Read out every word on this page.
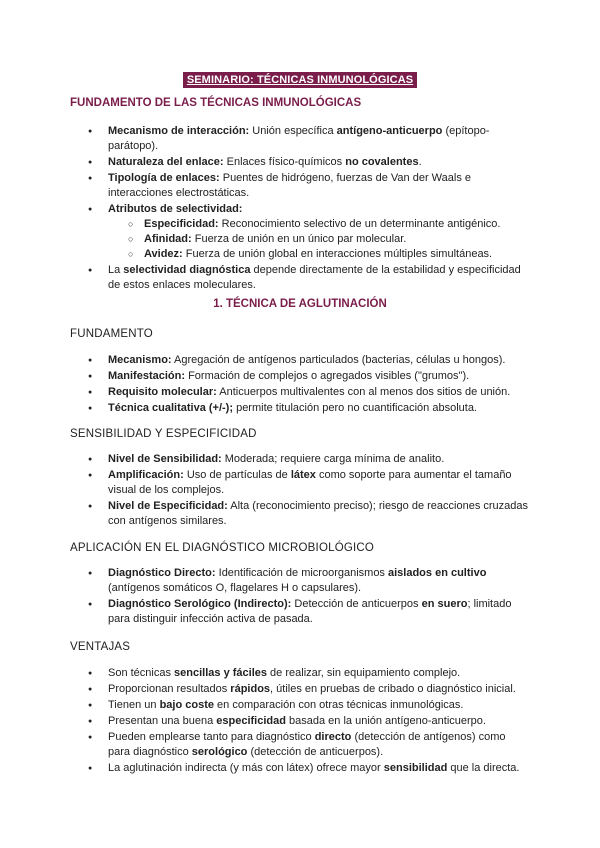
SEMINARIO: TÉCNICAS INMUNOLÓGICAS
FUNDAMENTO DE LAS TÉCNICAS INMUNOLÓGICAS
● Mecanismo de interacción: Unión específica antígeno-anticuerpo (epítopo-parátopo).
● Naturaleza del enlace: Enlaces físico-químicos no covalentes.
● Tipología de enlaces: Puentes de hidrógeno, fuerzas de Van der Waals e interacciones electrostáticas.
● Atributos de selectividad:
○ Especificidad: Reconocimiento selectivo de un determinante antigénico.
○ Afinidad: Fuerza de unión en un único par molecular.
○ Avidez: Fuerza de unión global en interacciones múltiples simultáneas.
● La selectividad diagnóstica depende directamente de la estabilidad y especificidad de estos enlaces moleculares.
1. TÉCNICA DE AGLUTINACIÓN
FUNDAMENTO
● Mecanismo: Agregación de antígenos particulados (bacterias, células u hongos).
● Manifestación: Formación de complejos o agregados visibles ("grumos").
● Requisito molecular: Anticuerpos multivalentes con al menos dos sitios de unión.
● Técnica cualitativa (+/-); permite titulación pero no cuantificación absoluta.
SENSIBILIDAD Y ESPECIFICIDAD
● Nivel de Sensibilidad: Moderada; requiere carga mínima de analito.
● Amplificación: Uso de partículas de látex como soporte para aumentar el tamaño visual de los complejos.
● Nivel de Especificidad: Alta (reconocimiento preciso); riesgo de reacciones cruzadas con antígenos similares.
APLICACIÓN EN EL DIAGNÓSTICO MICROBIOLÓGICO
● Diagnóstico Directo: Identificación de microorganismos aislados en cultivo (antígenos somáticos O, flagelares H o capsulares).
● Diagnóstico Serológico (Indirecto): Detección de anticuerpos en suero; limitado para distinguir infección activa de pasada.
VENTAJAS
● Son técnicas sencillas y fáciles de realizar, sin equipamiento complejo.
● Proporcionan resultados rápidos, útiles en pruebas de cribado o diagnóstico inicial.
● Tienen un bajo coste en comparación con otras técnicas inmunológicas.
● Presentan una buena especificidad basada en la unión antígeno-anticuerpo.
● Pueden emplearse tanto para diagnóstico directo (detección de antígenos) como para diagnóstico serológico (detección de anticuerpos).
● La aglutinación indirecta (y más con látex) ofrece mayor sensibilidad que la directa.
